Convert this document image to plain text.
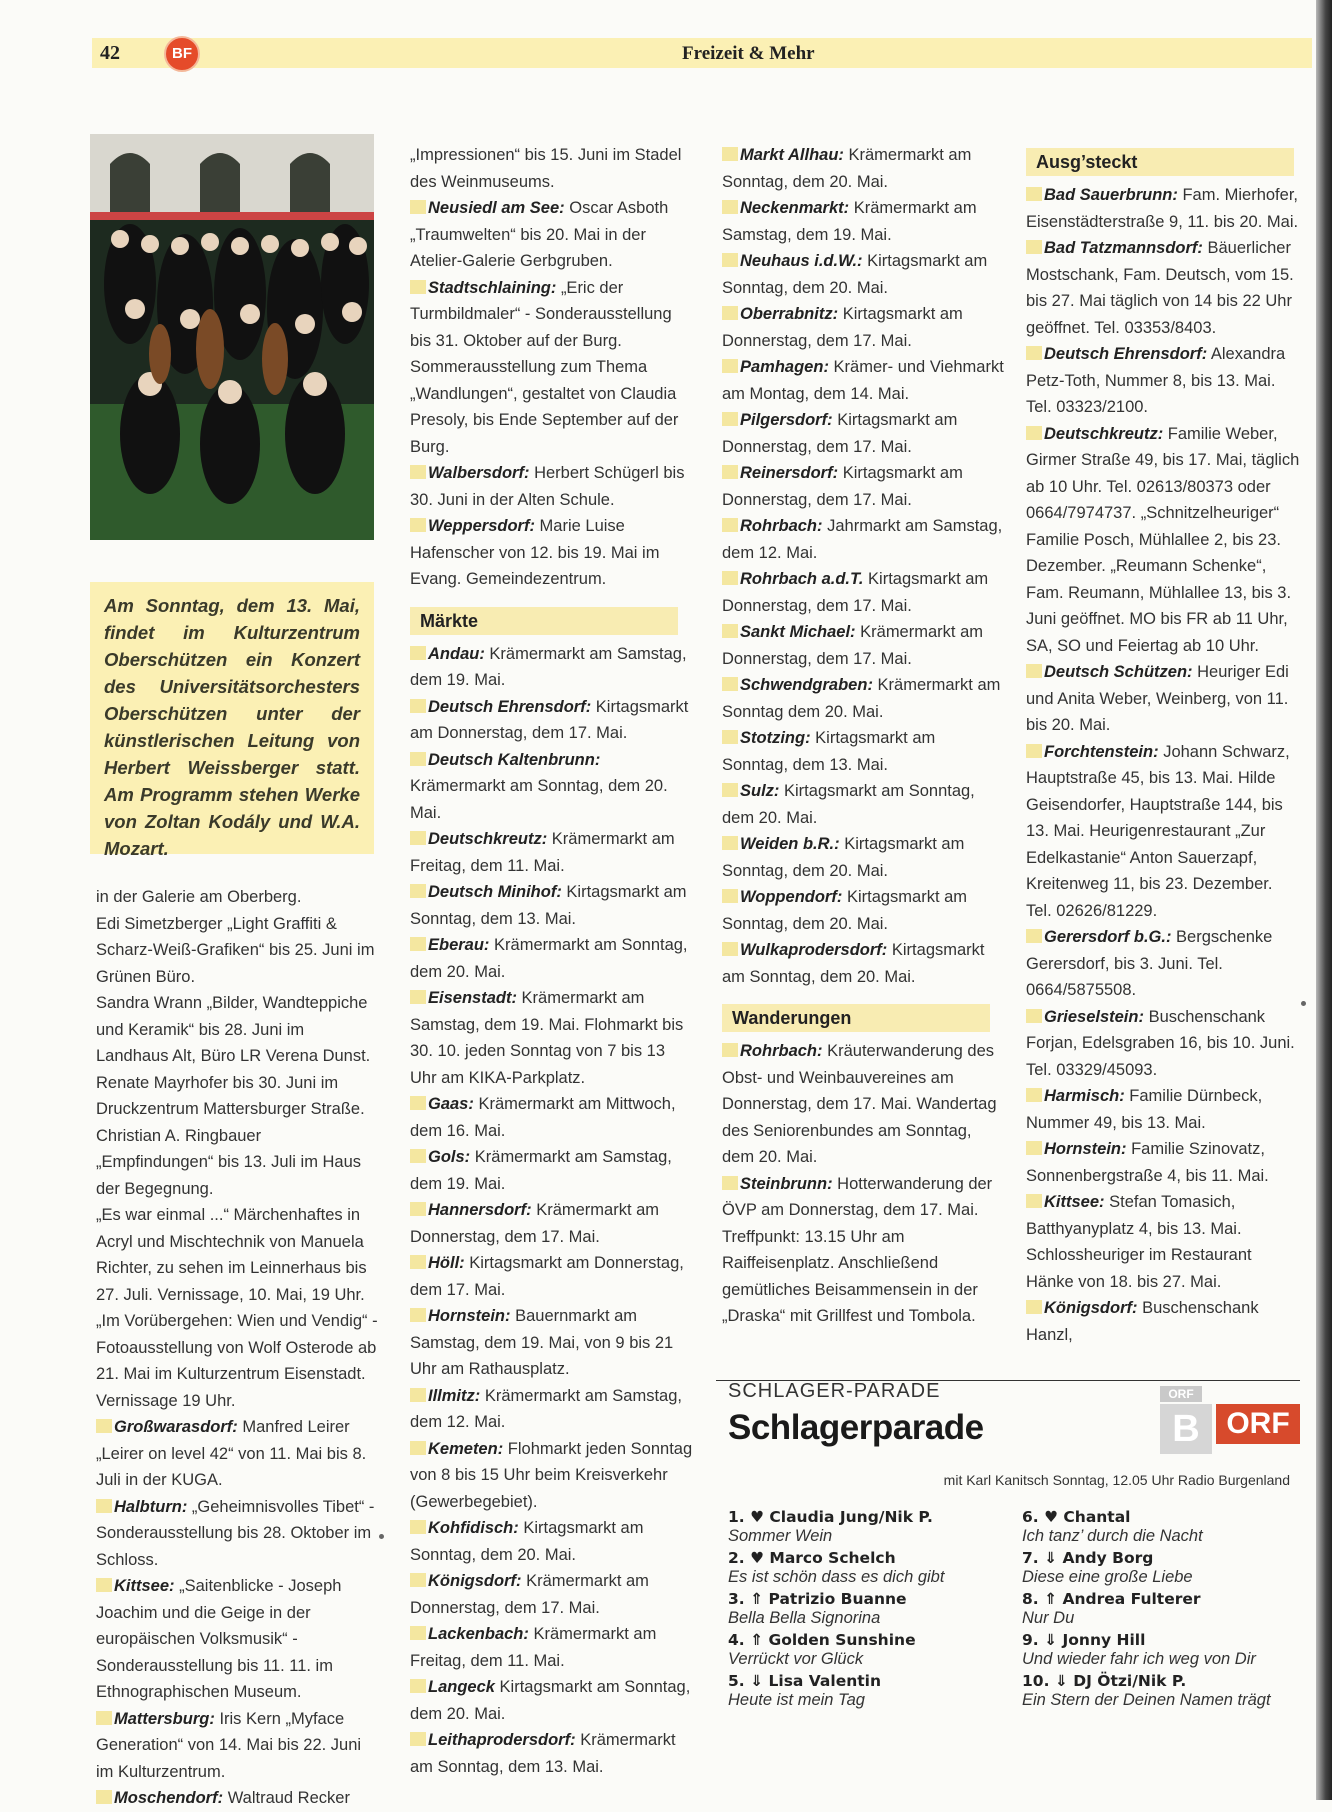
42	BF	Freizeit & Mehr
Am Sonntag, dem 13. Mai, findet im Kulturzentrum Oberschützen ein Konzert des Universitätsorchesters Oberschützen unter der künstlerischen Leitung von Herbert Weissberger statt. Am Programm stehen Werke von Zoltan Kodály und W.A. Mozart.

in der Galerie am Oberberg.

Edi Simetzberger „Light Graffiti & Scharz-Weiß-Grafiken“ bis 25. Juni im Grünen Büro.

Sandra Wrann „Bilder, Wandteppiche und Keramik“ bis 28. Juni im Landhaus Alt, Büro LR Verena Dunst.

Renate Mayrhofer bis 30. Juni im Druckzentrum Mattersburger Straße.

Christian A. Ringbauer „Empfindungen“ bis 13. Juli im Haus der Begegnung.

„Es war einmal ...“ Märchenhaftes in Acryl und Mischtechnik von Manuela Richter, zu sehen im Leinnerhaus bis 27. Juli. Vernissage, 10. Mai, 19 Uhr.

„Im Vorübergehen: Wien und Vendig“ - Fotoausstellung von Wolf Osterode ab 21. Mai im Kulturzentrum Eisenstadt. Vernissage 19 Uhr.

Großwarasdorf: Manfred Leirer „Leirer on level 42“ von 11. Mai bis 8. Juli in der KUGA.

Halbturn: „Geheimnisvolles Tibet“ - Sonderausstellung bis 28. Oktober im Schloss.

Kittsee: „Saitenblicke - Joseph Joachim und die Geige in der europäischen Volksmusik“ - Sonderausstellung bis 11. 11. im Ethnographischen Museum.

Mattersburg: Iris Kern „Myface Generation“ von 14. Mai bis 22. Juni im Kulturzentrum.

Moschendorf: Waltraud Recker

„Impressionen“ bis 15. Juni im Stadel des Weinmuseums.

Neusiedl am See: Oscar Asboth „Traumwelten“ bis 20. Mai in der Atelier-Galerie Gerbgruben.

Stadtschlaining: „Eric der Turmbildmaler“ - Sonderausstellung bis 31. Oktober auf der Burg. Sommerausstellung zum Thema „Wandlungen“, gestaltet von Claudia Presoly, bis Ende September auf der Burg.

Walbersdorf: Herbert Schügerl bis 30. Juni in der Alten Schule.

Weppersdorf: Marie Luise Hafenscher von 12. bis 19. Mai im Evang. Gemeindezentrum.

Märkte

Andau: Krämermarkt am Samstag, dem 19. Mai.

Deutsch Ehrensdorf: Kirtagsmarkt am Donnerstag, dem 17. Mai.

Deutsch Kaltenbrunn: Krämermarkt am Sonntag, dem 20. Mai.

Deutschkreutz: Krämermarkt am Freitag, dem 11. Mai.

Deutsch Minihof: Kirtagsmarkt am Sonntag, dem 13. Mai.

Eberau: Krämermarkt am Sonntag, dem 20. Mai.

Eisenstadt: Krämermarkt am Samstag, dem 19. Mai. Flohmarkt bis 30. 10. jeden Sonntag von 7 bis 13 Uhr am KIKA-Parkplatz.

Gaas: Krämermarkt am Mittwoch, dem 16. Mai.

Gols: Krämermarkt am Samstag, dem 19. Mai.

Hannersdorf: Krämermarkt am Donnerstag, dem 17. Mai.

Höll: Kirtagsmarkt am Donnerstag, dem 17. Mai.

Hornstein: Bauernmarkt am Samstag, dem 19. Mai, von 9 bis 21 Uhr am Rathausplatz.

Illmitz: Krämermarkt am Samstag, dem 12. Mai.

Kemeten: Flohmarkt jeden Sonntag von 8 bis 15 Uhr beim Kreisverkehr (Gewerbegebiet).

Kohfidisch: Kirtagsmarkt am Sonntag, dem 20. Mai.

Königsdorf: Krämermarkt am Donnerstag, dem 17. Mai.

Lackenbach: Krämermarkt am Freitag, dem 11. Mai.

Langeck Kirtagsmarkt am Sonntag, dem 20. Mai.

Leithaprodersdorf: Krämermarkt am Sonntag, dem 13. Mai.

Markt Allhau: Krämermarkt am Sonntag, dem 20. Mai.

Neckenmarkt: Krämermarkt am Samstag, dem 19. Mai.

Neuhaus i.d.W.: Kirtagsmarkt am Sonntag, dem 20. Mai.

Oberrabnitz: Kirtagsmarkt am Donnerstag, dem 17. Mai.

Pamhagen: Krämer- und Viehmarkt am Montag, dem 14. Mai.

Pilgersdorf: Kirtagsmarkt am Donnerstag, dem 17. Mai.

Reinersdorf: Kirtagsmarkt am Donnerstag, dem 17. Mai.

Rohrbach: Jahrmarkt am Samstag, dem 12. Mai.

Rohrbach a.d.T. Kirtagsmarkt am Donnerstag, dem 17. Mai.

Sankt Michael: Krämermarkt am Donnerstag, dem 17. Mai.

Schwendgraben: Krämermarkt am Sonntag dem 20. Mai.

Stotzing: Kirtagsmarkt am Sonntag, dem 13. Mai.

Sulz: Kirtagsmarkt am Sonntag, dem 20. Mai.

Weiden b.R.: Kirtagsmarkt am Sonntag, dem 20. Mai.

Woppendorf: Kirtagsmarkt am Sonntag, dem 20. Mai.

Wulkaprodersdorf: Kirtagsmarkt am Sonntag, dem 20. Mai.

Wanderungen

Rohrbach: Kräuterwanderung des Obst- und Weinbauvereines am Donnerstag, dem 17. Mai. Wandertag des Seniorenbundes am Sonntag, dem 20. Mai.

Steinbrunn: Hotterwanderung der ÖVP am Donnerstag, dem 17. Mai. Treffpunkt: 13.15 Uhr am Raiffeisenplatz. Anschließend gemütliches Beisammensein in der „Draska“ mit Grillfest und Tombola.

Ausg’steckt

Bad Sauerbrunn: Fam. Mierhofer, Eisenstädterstraße 9, 11. bis 20. Mai.

Bad Tatzmannsdorf: Bäuerlicher Mostschank, Fam. Deutsch, vom 15. bis 27. Mai täglich von 14 bis 22 Uhr geöffnet. Tel. 03353/8403.

Deutsch Ehrensdorf: Alexandra Petz-Toth, Nummer 8, bis 13. Mai. Tel. 03323/2100.

Deutschkreutz: Familie Weber, Girmer Straße 49, bis 17. Mai, täglich ab 10 Uhr. Tel. 02613/80373 oder 0664/7974737. „Schnitzelheuriger“ Familie Posch, Mühlallee 2, bis 23. Dezember. „Reumann Schenke“, Fam. Reumann, Mühlallee 13, bis 3. Juni geöffnet. MO bis FR ab 11 Uhr, SA, SO und Feiertag ab 10 Uhr.

Deutsch Schützen: Heuriger Edi und Anita Weber, Weinberg, von 11. bis 20. Mai.

Forchtenstein: Johann Schwarz, Hauptstraße 45, bis 13. Mai. Hilde Geisendorfer, Hauptstraße 144, bis 13. Mai. Heurigenrestaurant „Zur Edelkastanie“ Anton Sauerzapf, Kreitenweg 11, bis 23. Dezember. Tel. 02626/81229.

Gerersdorf b.G.: Bergschenke Gerersdorf, bis 3. Juni. Tel. 0664/5875508.

Grieselstein: Buschenschank Forjan, Edelsgraben 16, bis 10. Juni. Tel. 03329/45093.

Harmisch: Familie Dürnbeck, Nummer 49, bis 13. Mai.

Hornstein: Familie Szinovatz, Sonnenbergstraße 4, bis 11. Mai.

Kittsee: Stefan Tomasich, Batthyanyplatz 4, bis 13. Mai. Schlossheuriger im Restaurant Hänke von 18. bis 27. Mai.

Königsdorf: Buschenschank Hanzl,

SCHLAGER-PARADE
Schlagerparade
ORF
B ORF
mit Karl Kanitsch Sonntag, 12.05 Uhr Radio Burgenland
1. ♥ Claudia Jung/Nik P.
Sommer Wein
2. ♥ Marco Schelch
Es ist schön dass es dich gibt
3. ⇑ Patrizio Buanne
Bella Bella Signorina
4. ⇑ Golden Sunshine
Verrückt vor Glück
5. ⇓ Lisa Valentin
Heute ist mein Tag
6. ♥ Chantal
Ich tanz’ durch die Nacht
7. ⇓ Andy Borg
Diese eine große Liebe
8. ⇑ Andrea Fulterer
Nur Du
9. ⇓ Jonny Hill
Und wieder fahr ich weg von Dir
10. ⇓ DJ Ötzi/Nik P.
Ein Stern der Deinen Namen trägt
